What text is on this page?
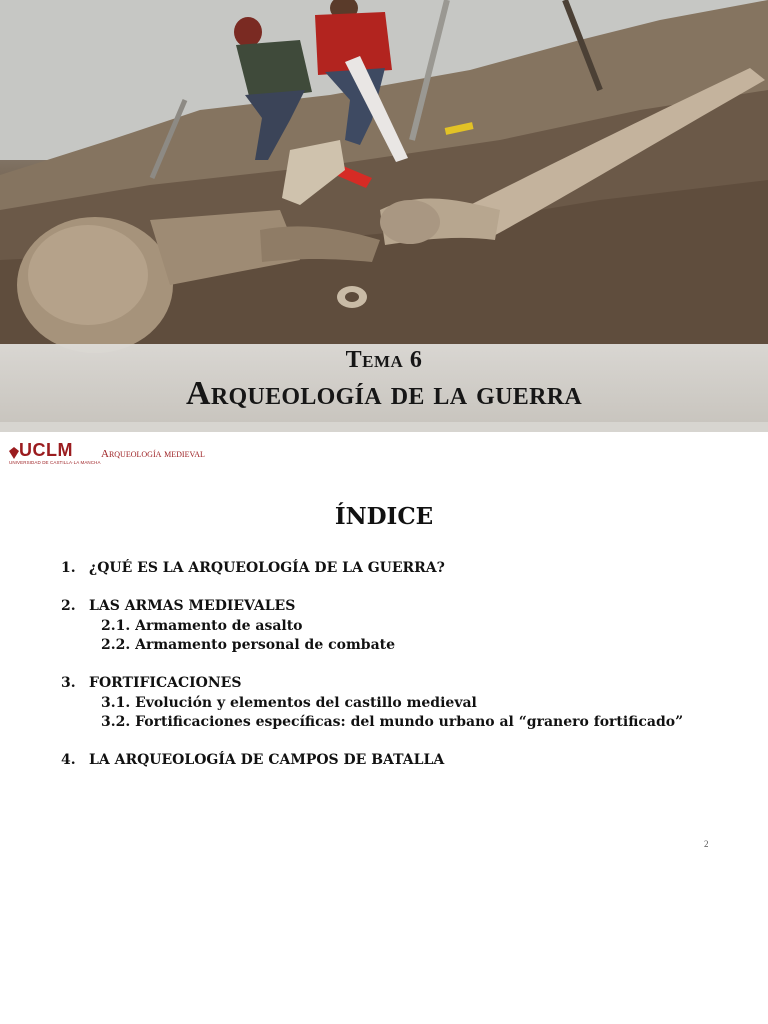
Tema 6
Arqueología de la guerra
UCLM
UNIVERSIDAD DE CASTILLA·LA MANCHA
Arqueología medieval
ÍNDICE
1. ¿QUÉ ES LA ARQUEOLOGÍA DE LA GUERRA?
2. LAS ARMAS MEDIEVALES
2.1. Armamento de asalto
2.2. Armamento personal de combate
3. FORTIFICACIONES
3.1. Evolución y elementos del castillo medieval
3.2. Fortificaciones específicas: del mundo urbano al “granero fortificado”
4. LA ARQUEOLOGÍA DE CAMPOS DE BATALLA
2
